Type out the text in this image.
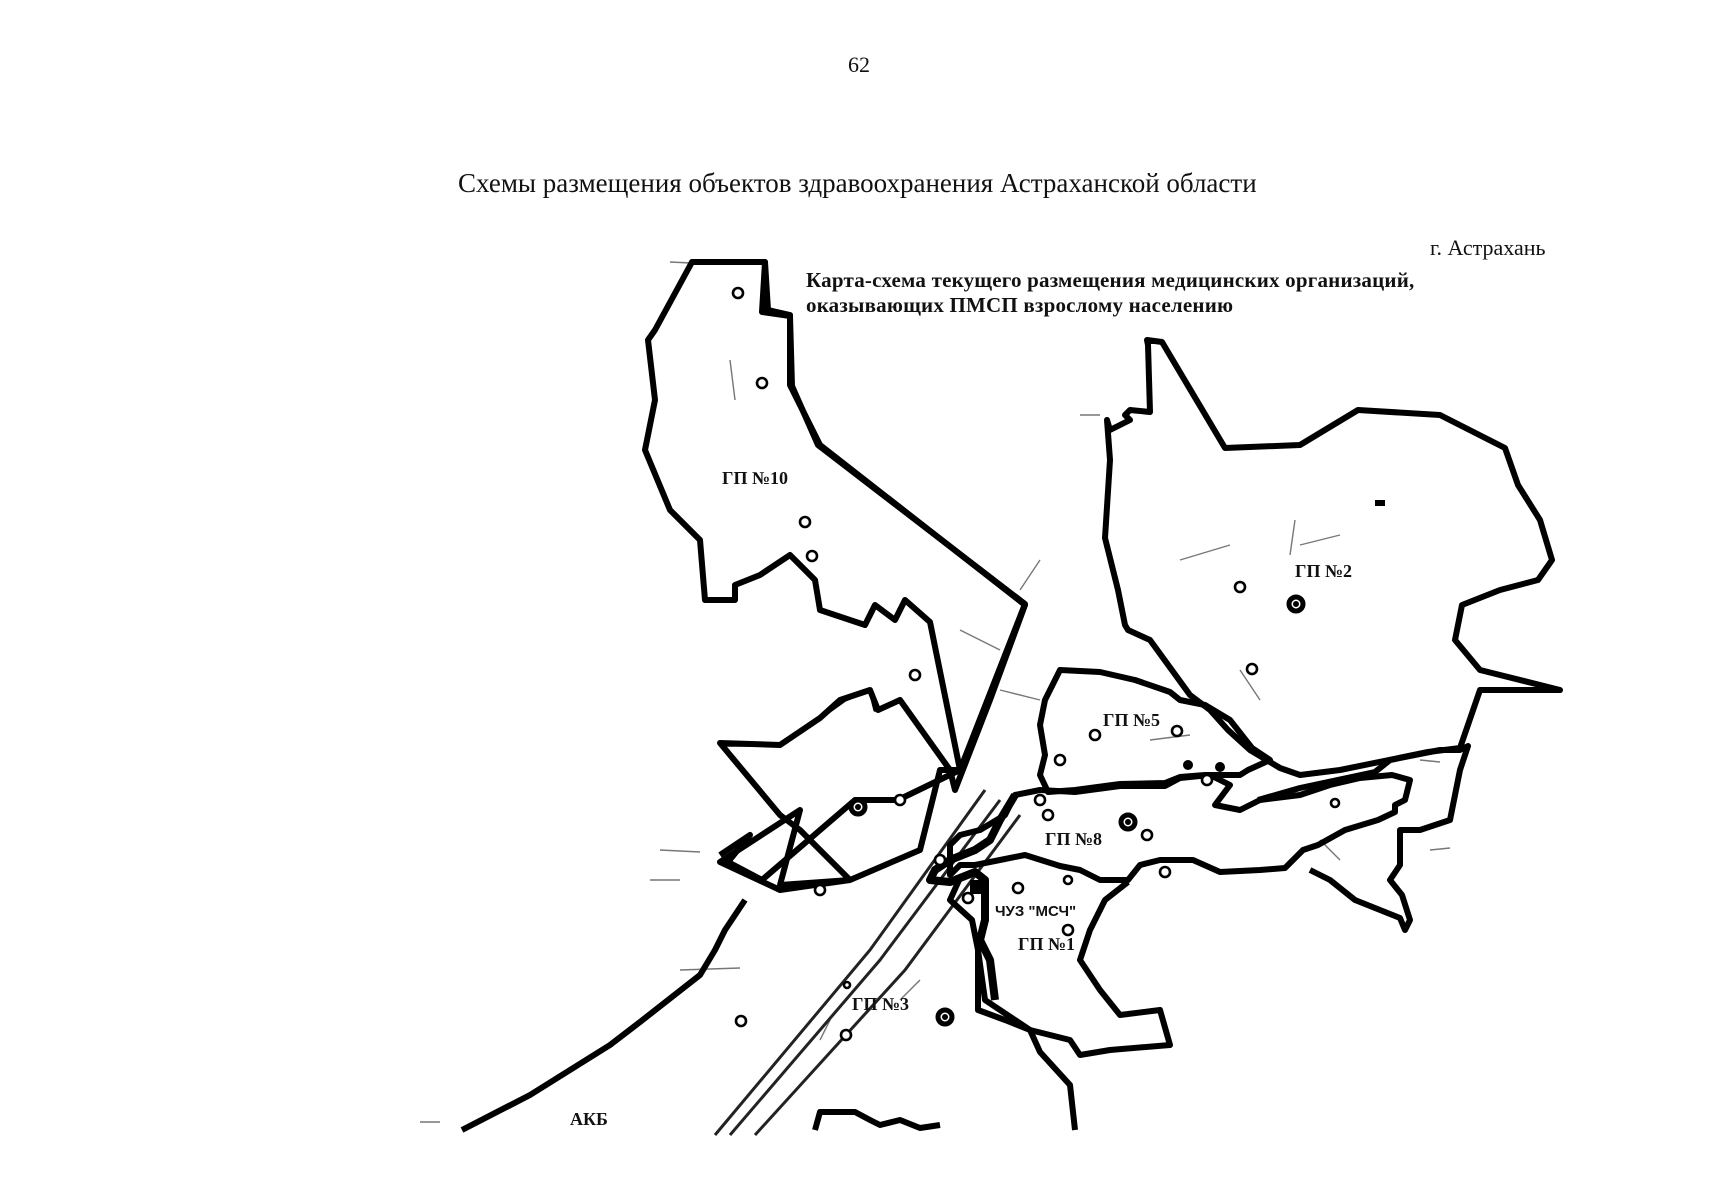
62
Схемы размещения объектов здравоохранения Астраханской области
г. Астрахань
Карта-схема текущего размещения медицинских организаций,
оказывающих ПМСП взрослому населению
ГП №10
ГП №2
ГП №5
ГП №8
ЧУЗ "МСЧ"
ГП №1
ГП №3
АКБ
